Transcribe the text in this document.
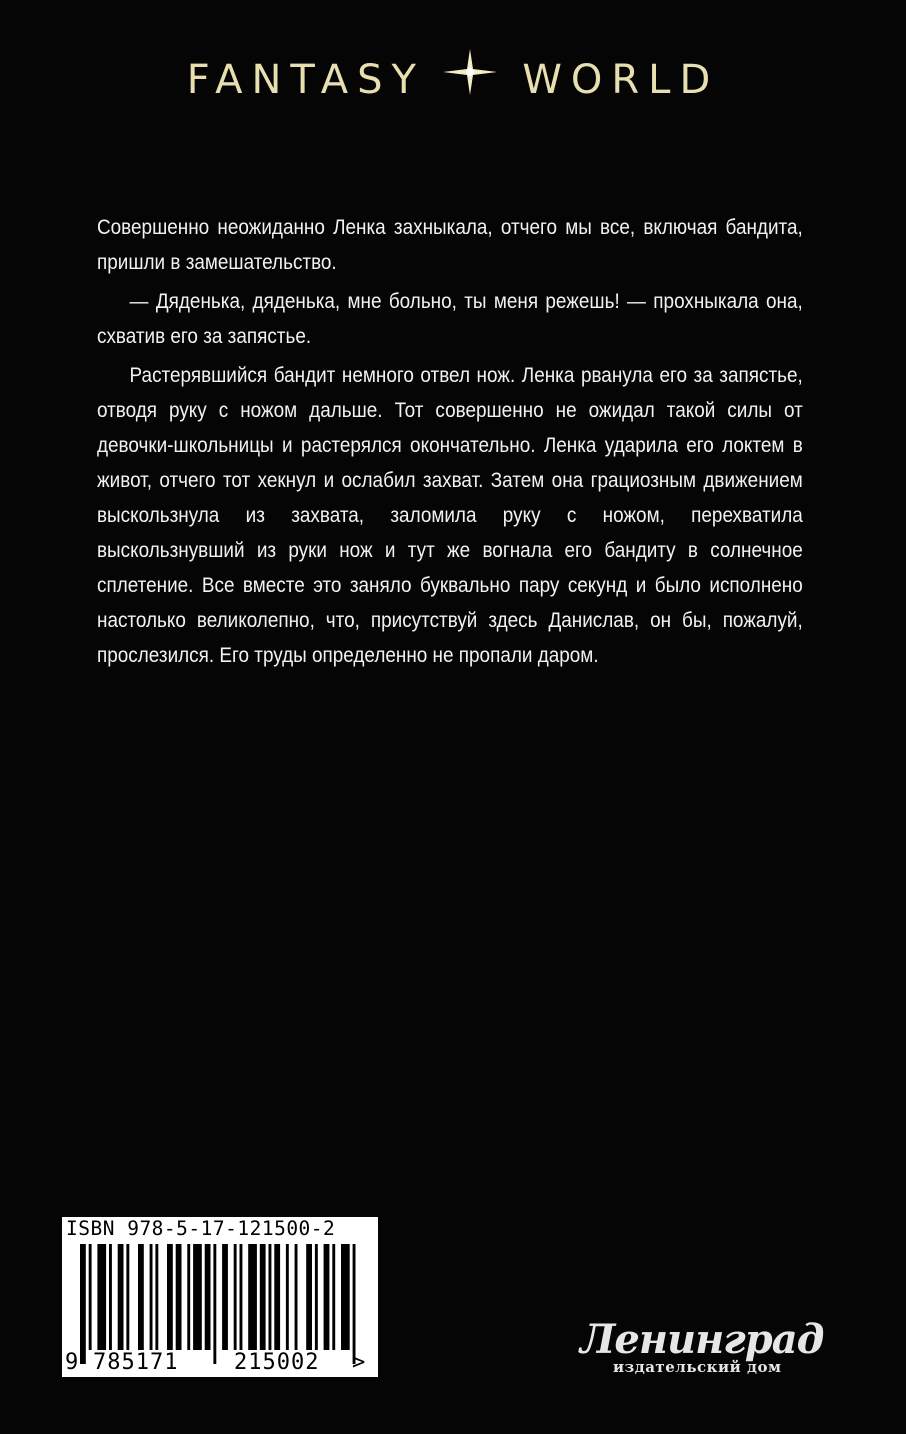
FANTASY WORLD

Совершенно неожиданно Ленка захныкала, отчего мы все, включая бандита, пришли в замешательство.

— Дяденька, дяденька, мне больно, ты меня режешь! — прохныкала она, схватив его за запястье.

Растерявшийся бандит немного отвел нож. Ленка рванула его за запястье, отводя руку с ножом дальше. Тот совершенно не ожидал такой силы от девочки-школьницы и растерялся окончательно. Ленка ударила его локтем в живот, отчего тот хекнул и ослабил захват. Затем она грациозным движением выскользнула из захвата, заломила руку с ножом, перехватила выскользнувший из руки нож и тут же вогнала его бандиту в солнечное сплетение. Все вместе это заняло буквально пару секунд и было исполнено настолько великолепно, что, присутствуй здесь Данислав, он бы, пожалуй, прослезился. Его труды определенно не пропали даром.

ISBN 978-5-17-121500-2
9 785171	215002 >	Ленинград
издательский дом
